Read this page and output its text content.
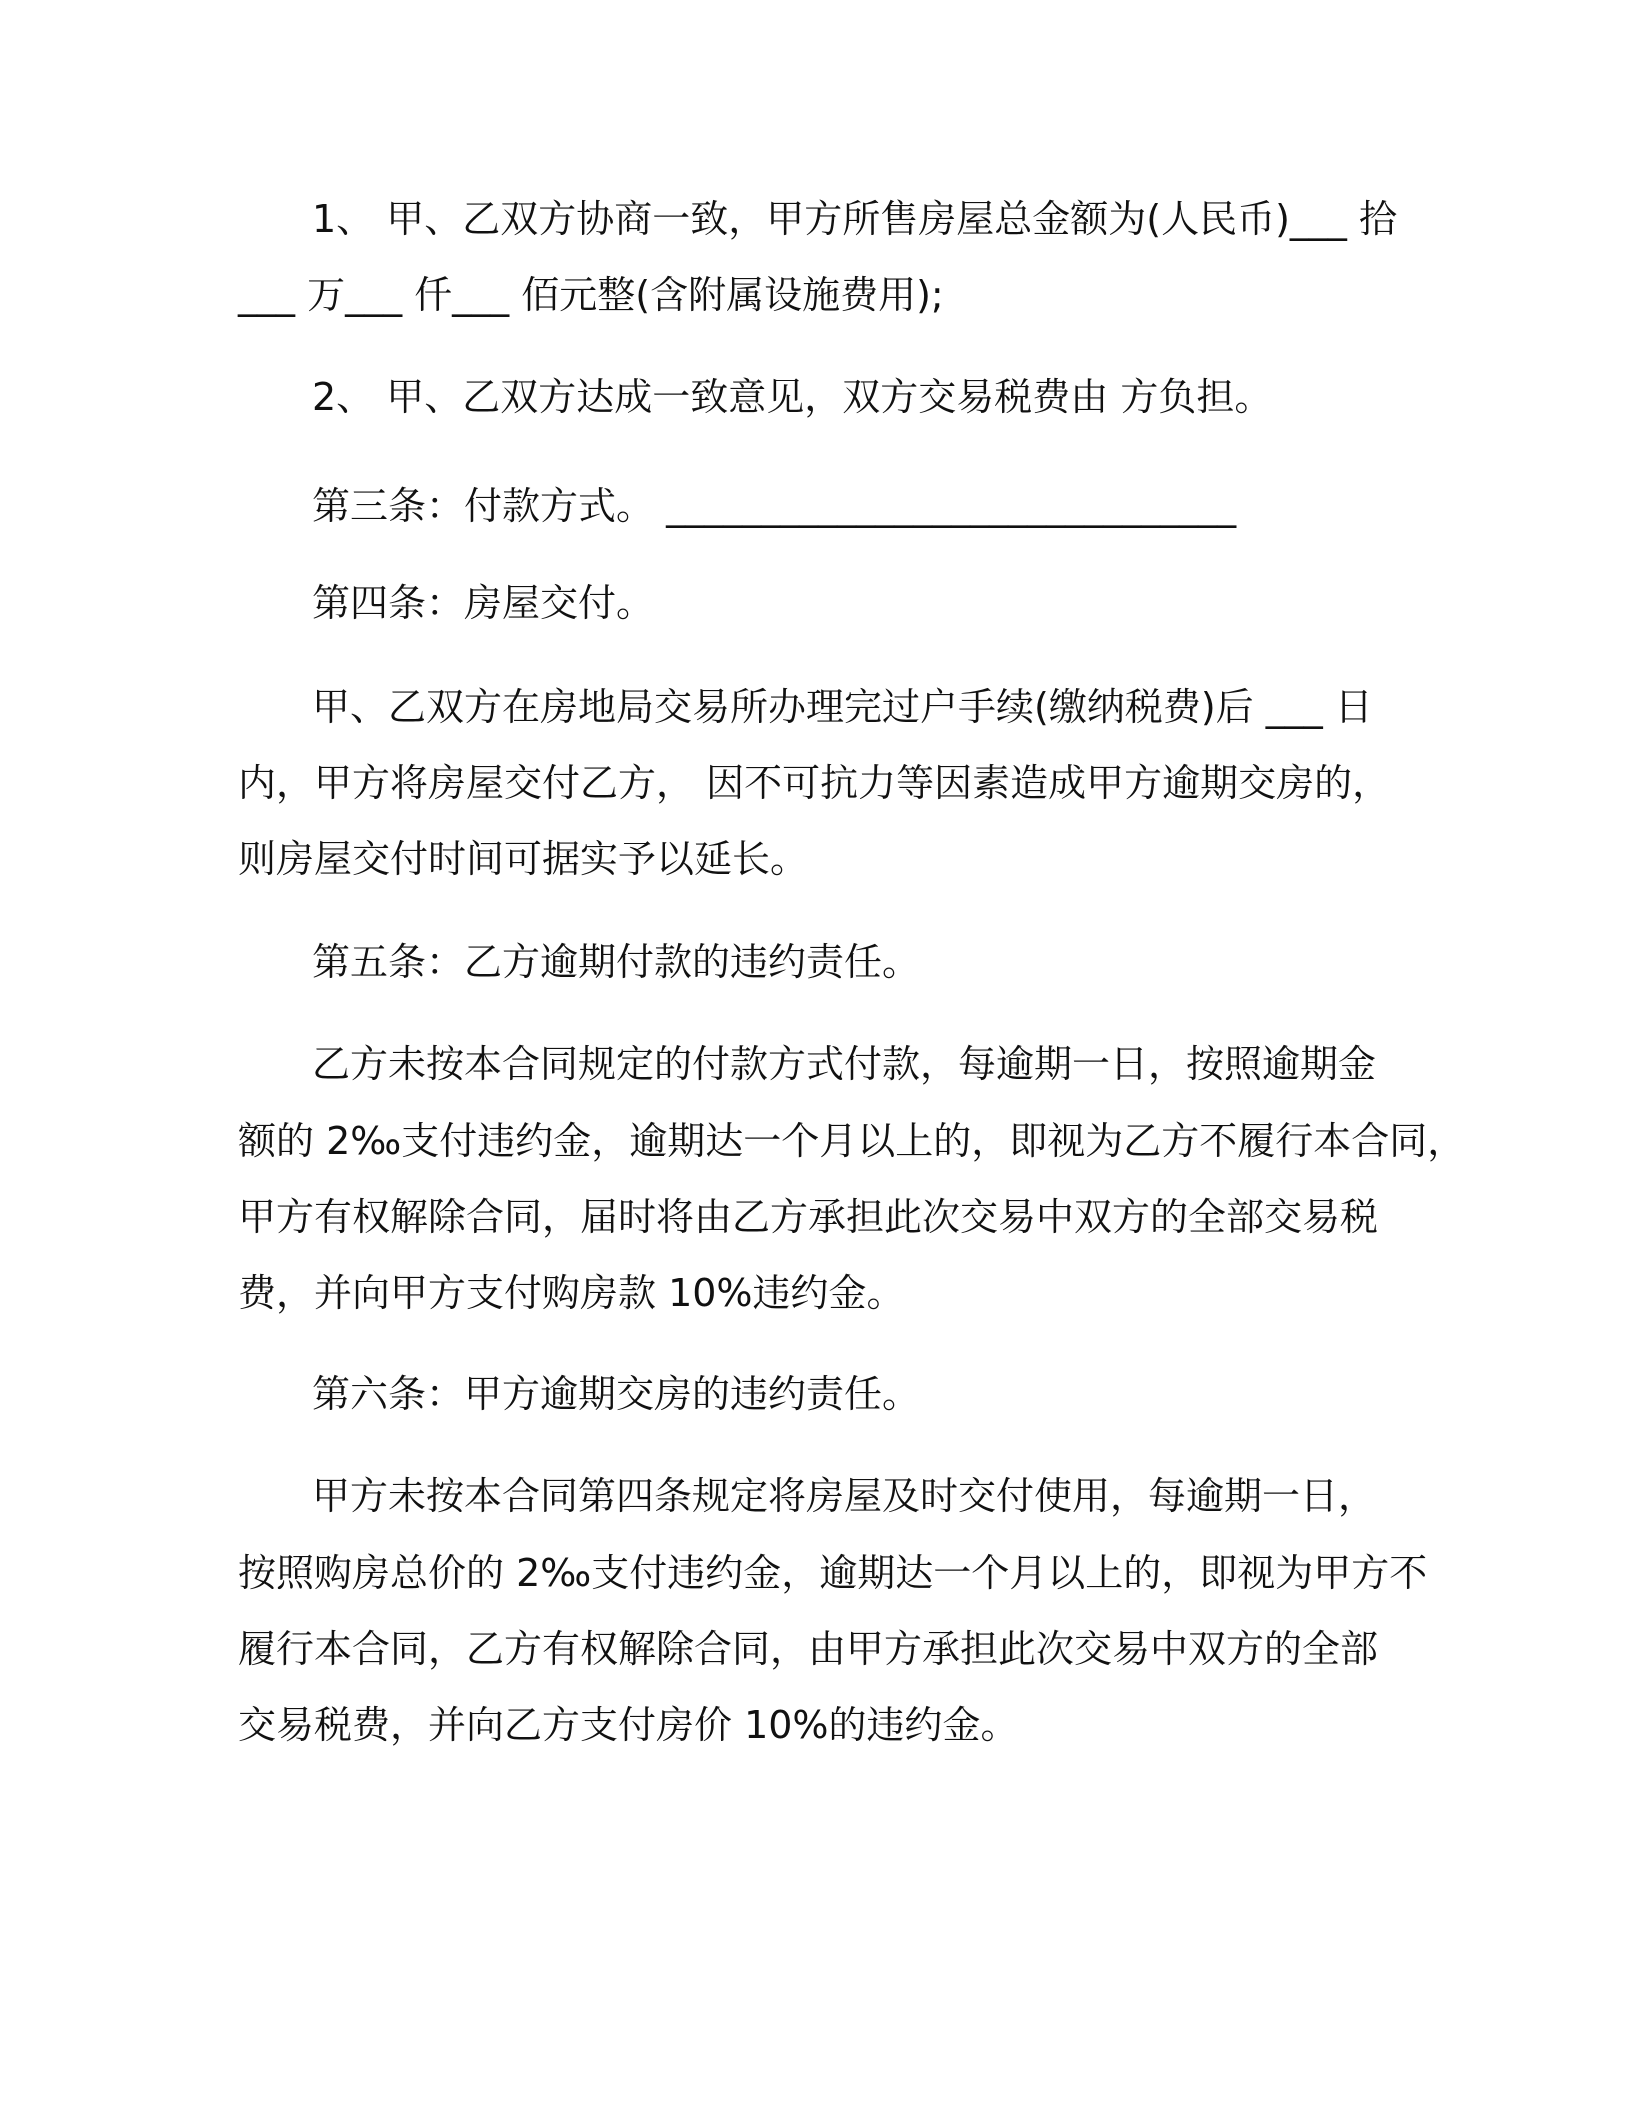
1、 甲、乙双方协商一致，甲方所售房屋总金额为(人民币)___ 拾
___ 万___ 仟___ 佰元整(含附属设施费用);
2、 甲、乙双方达成一致意见，双方交易税费由 方负担。
第三条：付款方式。 ______________________________
第四条：房屋交付。
甲、乙双方在房地局交易所办理完过户手续(缴纳税费)后 ___ 日
内，甲方将房屋交付乙方， 因不可抗力等因素造成甲方逾期交房的，
则房屋交付时间可据实予以延长。
第五条：乙方逾期付款的违约责任。
乙方未按本合同规定的付款方式付款，每逾期一日，按照逾期金
额的 2‰支付违约金，逾期达一个月以上的，即视为乙方不履行本合同，
甲方有权解除合同，届时将由乙方承担此次交易中双方的全部交易税
费，并向甲方支付购房款 10%违约金。
第六条：甲方逾期交房的违约责任。
甲方未按本合同第四条规定将房屋及时交付使用，每逾期一日，
按照购房总价的 2‰支付违约金，逾期达一个月以上的，即视为甲方不
履行本合同，乙方有权解除合同，由甲方承担此次交易中双方的全部
交易税费，并向乙方支付房价 10%的违约金。
